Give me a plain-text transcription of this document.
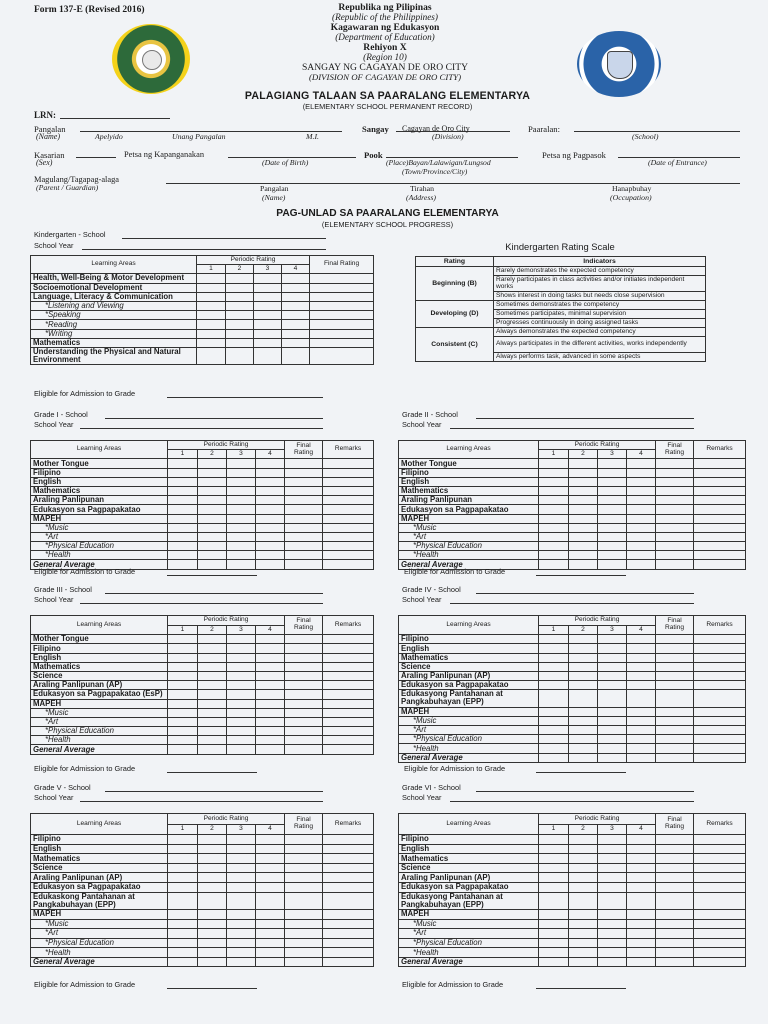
Form 137-E (Revised 2016)	Republika ng Pilipinas
(Republic of the Philippines)
Kagawaran ng Edukasyon
(Department of Education)
Rehiyon X
(Region 10)
SANGAY NG CAGAYAN DE ORO CITY
(DIVISION OF CAGAYAN DE ORO CITY)
PALAGIANG TALAAN SA PAARALANG ELEMENTARYA
(ELEMENTARY SCHOOL PERMANENT RECORD)
LRN:
Pangalan
(Name)	Apelyido	Unang Pangalan	M.I.
Sangay Cagayan de Oro City
(Division)
Paaralan:
(School)
Kasarian
(Sex)
Petsa ng Kapanganakan
(Date of Birth)
Pook
(Place)Bayan/Lalawigan/Lungsod
(Town/Province/City)
Petsa ng Pagpasok
(Date of Entrance)
Magulang/Tagapag-alaga
(Parent / Guardian)	Pangalan
(Name)
Tirahan
(Address)
Hanapbuhay
(Occupation)
PAG-UNLAD SA PAARALANG ELEMENTARYA
(ELEMENTARY SCHOOL PROGRESS)
Kindergarten - School
School Year
Learning Areas	Periodic Rating				Final Rating
	1	2	3	4	
Health, Well-Being & Motor Development					
Socioemotional Development					
Language, Literacy & Communication					
*Listening and Viewing					
*Speaking					
*Reading					
*Writing					
Mathematics					
Understanding the Physical and Natural Environment					
Eligible for Admission to Grade
Kindergarten Rating Scale
Rating	Indicators
Beginning (B)	Rarely demonstrates the expected competency
	Rarely participates in class activities and/or initiates independent works
	Shows interest in doing tasks but needs close supervision
Developing (D)	Sometimes demonstrates the competency
	Sometimes participates, minimal supervision
	Progresses continuously in doing assigned tasks
Consistent (C)	Always demonstrates the expected competency
	Always participates in the different activities, works independently
	Always performs task, advanced in some aspects
Grade I - School
School Year
Learning Areas	Periodic Rating				Final Rating	Remarks
	1	2	3	4		
Mother Tongue						
Filipino						
English						
Mathematics						
Araling Panlipunan						
Edukasyon sa Pagpapakatao						
MAPEH						
*Music						
*Art						
*Physical Education						
*Health						
General Average						
Eligible for Admission to Grade
Grade II - School
School Year
Learning Areas	Periodic Rating				Final Rating	Remarks
	1	2	3	4		
Mother Tongue						
Filipino						
English						
Mathematics						
Araling Panlipunan						
Edukasyon sa Pagpapakatao						
MAPEH						
*Music						
*Art						
*Physical Education						
*Health						
General Average						
Eligible for Admission to Grade
Grade III - School
School Year
Learning Areas	Periodic Rating				Final Rating	Remarks
	1	2	3	4		
Mother Tongue						
Filipino						
English						
Mathematics						
Science						
Araling Panlipunan (AP)						
Edukasyon sa Pagpapakatao (EsP)						
MAPEH						
*Music						
*Art						
*Physical Education						
*Health						
General Average						
Eligible for Admission to Grade
Grade IV - School
School Year
Learning Areas	Periodic Rating				Final Rating	Remarks
	1	2	3	4		
Filipino						
English						
Mathematics						
Science						
Araling Panlipunan (AP)						
Edukasyon sa Pagpapakatao						
Edukasyong Pantahanan at Pangkabuhayan (EPP)						
MAPEH						
*Music						
*Art						
*Physical Education						
*Health						
General Average						
Eligible for Admission to Grade
Grade V - School
School Year
Learning Areas	Periodic Rating				Final Rating	Remarks
	1	2	3	4		
Filipino						
English						
Mathematics						
Science						
Araling Panlipunan (AP)						
Edukasyon sa Pagpapakatao						
Edukaskong Pantahanan at Pangkabuhayan (EPP)						
MAPEH						
*Music						
*Art						
*Physical Education						
*Health						
General Average						
Eligible for Admission to Grade
Grade VI - School
School Year
Learning Areas	Periodic Rating				Final Rating	Remarks
	1	2	3	4		
Filipino						
English						
Mathematics						
Science						
Araling Panlipunan (AP)						
Edukasyon sa Pagpapakatao						
Edukasyong Pantahanan at Pangkabuhayan (EPP)						
MAPEH						
*Music						
*Art						
*Physical Education						
*Health						
General Average						
Eligible for Admission to Grade
